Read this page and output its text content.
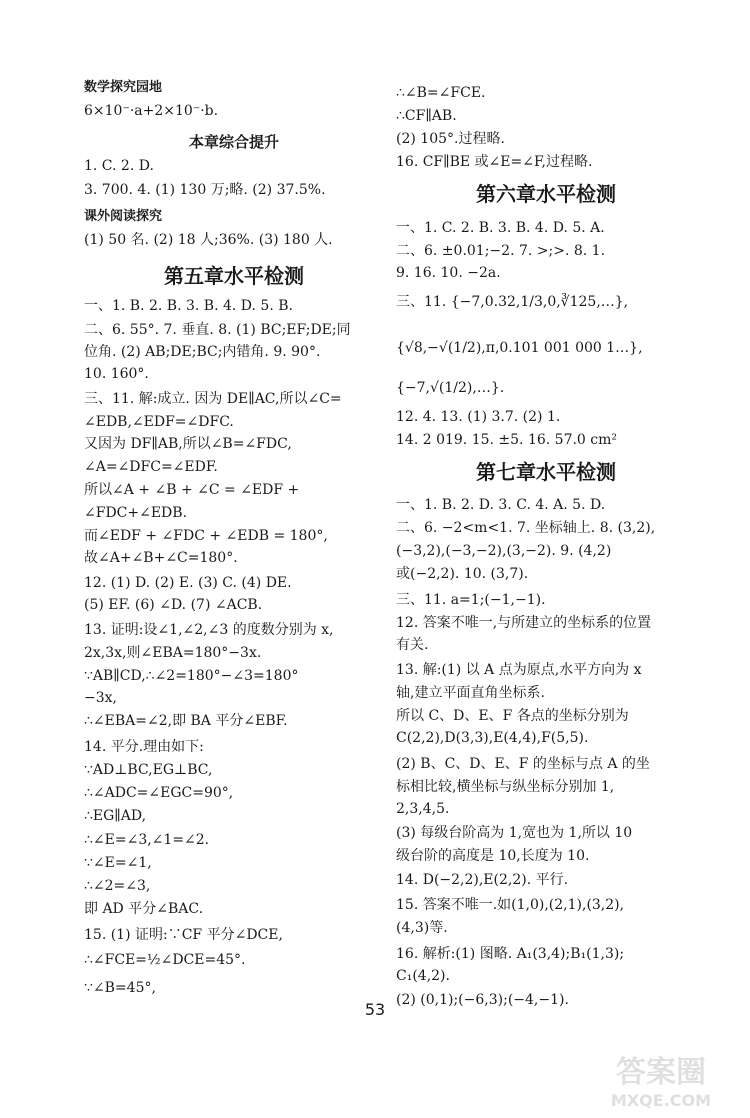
数学探究园地
6×10⁻·a+2×10⁻·b.
本章综合提升
1. C. 2. D.
3. 700. 4. (1) 130 万;略. (2) 37.5%.
课外阅读探究
(1) 50 名. (2) 18 人;36%. (3) 180 人.
第五章水平检测
一、1. B. 2. B. 3. B. 4. D. 5. B.
二、6. 55°. 7. 垂直. 8. (1) BC;EF;DE;同
位角. (2) AB;DE;BC;内错角. 9. 90°.
10. 160°.
三、11. 解:成立. 因为 DE∥AC,所以∠C=
∠EDB,∠EDF=∠DFC.
又因为 DF∥AB,所以∠B=∠FDC,
∠A=∠DFC=∠EDF.
所以∠A + ∠B + ∠C = ∠EDF +
∠FDC+∠EDB.
而∠EDF + ∠FDC + ∠EDB = 180°,
故∠A+∠B+∠C=180°.
12. (1) D. (2) E. (3) C. (4) DE.
(5) EF. (6) ∠D. (7) ∠ACB.
13. 证明:设∠1,∠2,∠3 的度数分别为 x,
2x,3x,则∠EBA=180°−3x.
∵AB∥CD,∴∠2=180°−∠3=180°
−3x,
∴∠EBA=∠2,即 BA 平分∠EBF.
14. 平分.理由如下:
∵AD⊥BC,EG⊥BC,
∴∠ADC=∠EGC=90°,
∴EG∥AD,
∴∠E=∠3,∠1=∠2.
∵∠E=∠1,
∴∠2=∠3,
即 AD 平分∠BAC.
15. (1) 证明:∵CF 平分∠DCE,
∴∠FCE=½∠DCE=45°.
∵∠B=45°,
∴∠B=∠FCE.
∴CF∥AB.
(2) 105°.过程略.
16. CF∥BE 或∠E=∠F,过程略.
第六章水平检测
一、1. C. 2. B. 3. B. 4. D. 5. A.
二、6. ±0.01;−2. 7. >;>. 8. 1.
9. 16. 10. −2a.
三、11. {−7,0.32,1/3,0,∛125,…},
{√8,−√(1/2),π,0.101 001 000 1…},
{−7,√(1/2),…}.
12. 4. 13. (1) 3.7. (2) 1.
14. 2 019. 15. ±5. 16. 57.0 cm²
第七章水平检测
一、1. B. 2. D. 3. C. 4. A. 5. D.
二、6. −2<m<1. 7. 坐标轴上. 8. (3,2),
(−3,2),(−3,−2),(3,−2). 9. (4,2)
或(−2,2). 10. (3,7).
三、11. a=1;(−1,−1).
12. 答案不唯一,与所建立的坐标系的位置
有关.
13. 解:(1) 以 A 点为原点,水平方向为 x
轴,建立平面直角坐标系.
所以 C、D、E、F 各点的坐标分别为
C(2,2),D(3,3),E(4,4),F(5,5).
(2) B、C、D、E、F 的坐标与点 A 的坐
标相比较,横坐标与纵坐标分别加 1,
2,3,4,5.
(3) 每级台阶高为 1,宽也为 1,所以 10
级台阶的高度是 10,长度为 10.
14. D(−2,2),E(2,2). 平行.
15. 答案不唯一.如(1,0),(2,1),(3,2),
(4,3)等.
16. 解析:(1) 图略. A₁(3,4);B₁(1,3);
C₁(4,2).
(2) (0,1);(−6,3);(−4,−1).
53
答案圈
MXQE.COM
